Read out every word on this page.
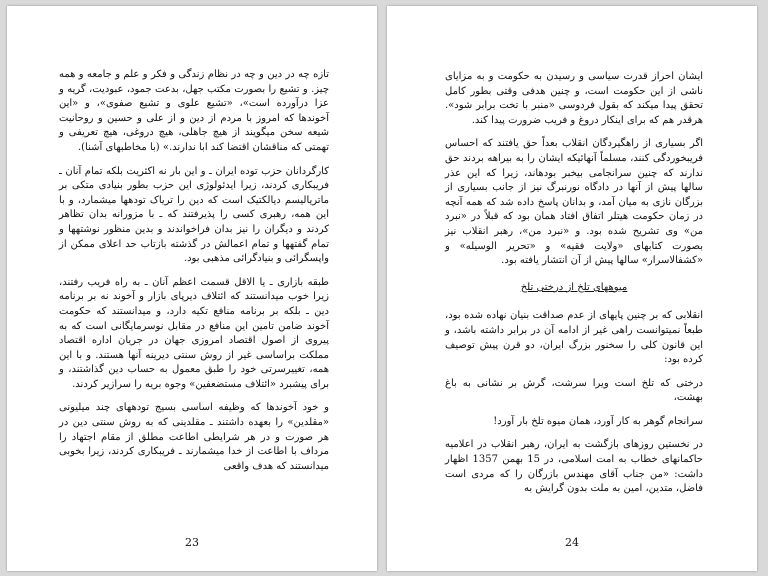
تازه چه در دین و چه در نظام زندگی و فکر و علم و جامعه و همه چیز. و تشیع را بصورت مکتب جهل، بدعت جمود، عبودیت، گریه و عزا درآورده است»، «تشیع علوی و تشیع صفوی»، و «این آخوندها که امروز با مردم از دین و از علی و حسین و روحانیت شیعه سخن میگویند از هیچ جاهلی، هیچ دروغی، هیچ تعریفی و تهمتی که مناقشان اقتضا کند ابا ندارند.» (با مخاطبهای آشنا).

کارگردانان حزب توده ایران ـ و این بار نه اکثریت بلکه تمام آنان ـ فریبکاری کردند، زیرا ایدئولوژی این حزب بطور بنیادی متکی بر ماتریالیسم دیالکتیک است که دین را تریاک تودهها میشمارد، و با این همه، رهبری کسی را پذیرفتند که ـ با مزورانه بدان تظاهر کردند و دیگران را نیز بدان فراخواندند و بدین منظور نوشتهها و تمام گفتهها و تمام اعمالش در گذشته بازتاب حد اعلای ممکن از واپسگرائی و بنیادگرائی مذهبی بود.

طبقه بازاری ـ یا الاقل قسمت اعظم آنان ـ به راه فریب رفتند، زیرا خوب میدانستند که ائتلاف دیرپای بازار و آخوند نه بر برنامه دین ـ بلکه بر برنامه منافع تکیه دارد، و میدانستند که حکومت آخوند ضامن تامین این منافع در مقابل نوسرمایگانی است که به پیروی از اصول اقتصاد امروزی جهان در جریان اداره اقتصاد مملکت براساسی غیر از روش سنتی دیرینه آنها هستند. و با این همه، تغییرسرتی خود را طبق معمول به حساب دین گذاشتند، و برای پیشبرد «ائتلاف مستضعفین» وجوه بریه را سرازیر کردند.

و خود آخوندها که وظیفه اساسی بسیج تودههای چند میلیونی «مقلدین» را بعهده داشتند ـ مقلدینی که به روش سنتی دین در هر صورت و در هر شرایطی اطاعت مطلق از مقام اجتهاد را مرداف با اطاعت از خدا میشمارند ـ فریبکاری کردند، زیرا بخوبی میدانستند که هدف واقعی

23

ایشان احراز قدرت سیاسی و رسیدن به حکومت و به مزایای ناشی از این حکومت است، و چنین هدفی وقتی بطور کامل تحقق پیدا میکند که بقول فردوسی «منبر با تخت برابر شود». هرقدر هم که برای اینکار دروغ و فریب ضرورت پیدا کند.

اگر بسیاری از راهگیردگان انقلاب بعداً حق یافتند که احساس فریبخوردگی کنند، مسلماً آنهائیکه ایشان را به بیراهه بردند حق ندارند که چنین سرانجامی بیخبر بودهاند، زیرا که این عذر سالها پیش از آنها در دادگاه نورنبرگ نیز از جانب بسیاری از بزرگان نازی به میان آمد، و بدانان پاسخ داده شد که همه آنچه در زمان حکومت هیتلر اتفاق افتاد همان بود که قبلاً در «نبرد من» وی تشریح شده بود. و «نبرد من»، رهبر انقلاب نیز بصورت کتابهای «ولایت فقیه» و «تحریر الوسیله» و «کشفالاسرار» سالها پیش از آن انتشار یافته بود.

میوههای تلخ از درختی تلخ

انقلابی که بر چنین پایهای از عدم صداقت بنیان نهاده شده بود، طبعاً نمیتوانست راهی غیر از ادامه آن در برابر داشته باشد، و این قانون کلی را سخنور بزرگ ایران، دو قرن پیش توصیف کرده بود:

درختی که تلخ است ویرا سرشت، گرش بر نشانی به باغ بهشت،

سرانجام گوهر به کار آورد، همان میوه تلخ بار آورد!

در نخستین روزهای بازگشت به ایران، رهبر انقلاب در اعلامیه حاکمانهای خطاب به امت اسلامی، در 15 بهمن 1357 اظهار داشت: «من جناب آقای مهندس بازرگان را که مردی است فاضل، متدین، امین به ملت بدون گرایش به

24
